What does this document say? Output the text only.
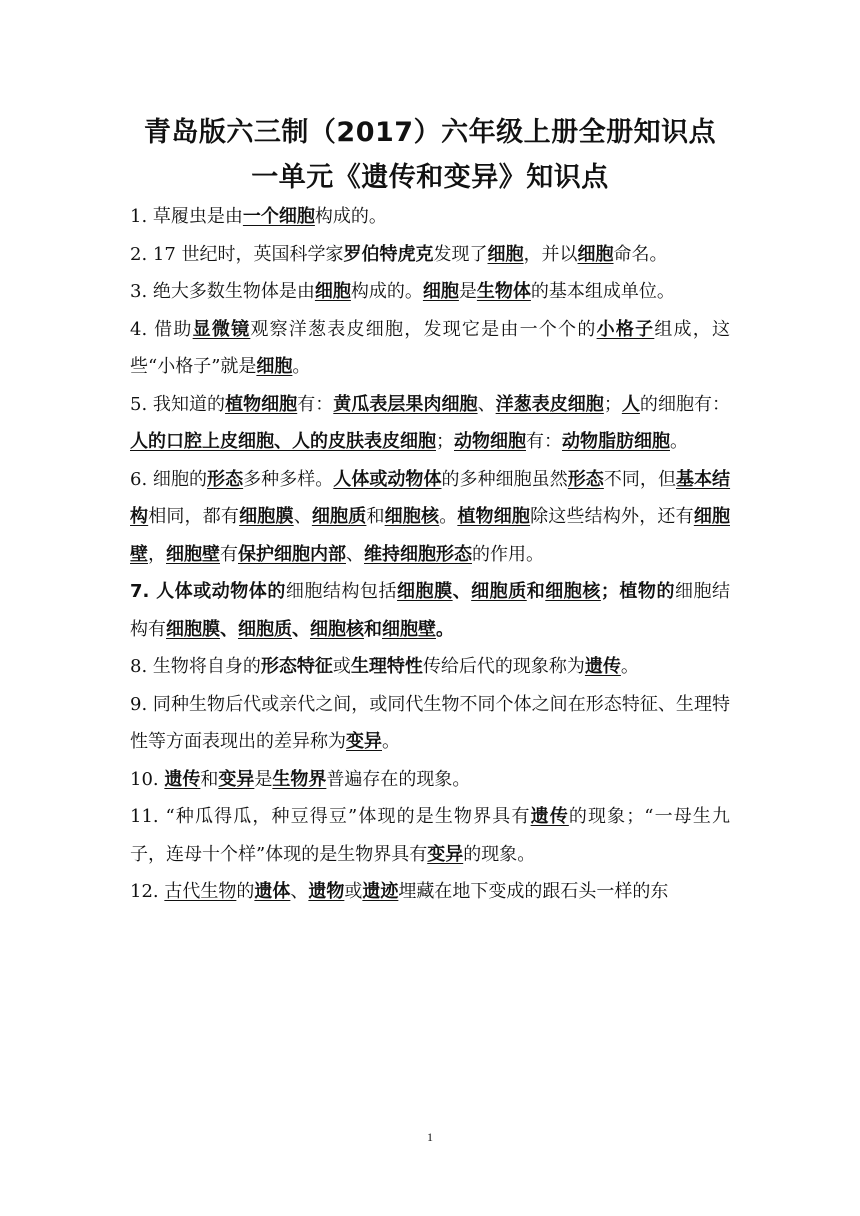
青岛版六三制（2017）六年级上册全册知识点
一单元《遗传和变异》知识点

1. 草履虫是由一个细胞构成的。

2. 17 世纪时，英国科学家罗伯特虎克发现了细胞，并以细胞命名。

3. 绝大多数生物体是由细胞构成的。细胞是生物体的基本组成单位。

4. 借助显微镜观察洋葱表皮细胞，发现它是由一个个的小格子组成，这些“小格子”就是细胞。

5. 我知道的植物细胞有：黄瓜表层果肉细胞、洋葱表皮细胞；人的细胞有：人的口腔上皮细胞、人的皮肤表皮细胞；动物细胞有：动物脂肪细胞。

6. 细胞的形态多种多样。人体或动物体的多种细胞虽然形态不同，但基本结构相同，都有细胞膜、细胞质和细胞核。植物细胞除这些结构外，还有细胞壁，细胞壁有保护细胞内部、维持细胞形态的作用。

7. 人体或动物体的细胞结构包括细胞膜、细胞质和细胞核；植物的细胞结构有细胞膜、细胞质、细胞核和细胞壁。

8. 生物将自身的形态特征或生理特性传给后代的现象称为遗传。

9. 同种生物后代或亲代之间，或同代生物不同个体之间在形态特征、生理特性等方面表现出的差异称为变异。

10. 遗传和变异是生物界普遍存在的现象。

11. “种瓜得瓜，种豆得豆”体现的是生物界具有遗传的现象；“一母生九子，连母十个样”体现的是生物界具有变异的现象。

12. 古代生物的遗体、遗物或遗迹埋藏在地下变成的跟石头一样的东

1
